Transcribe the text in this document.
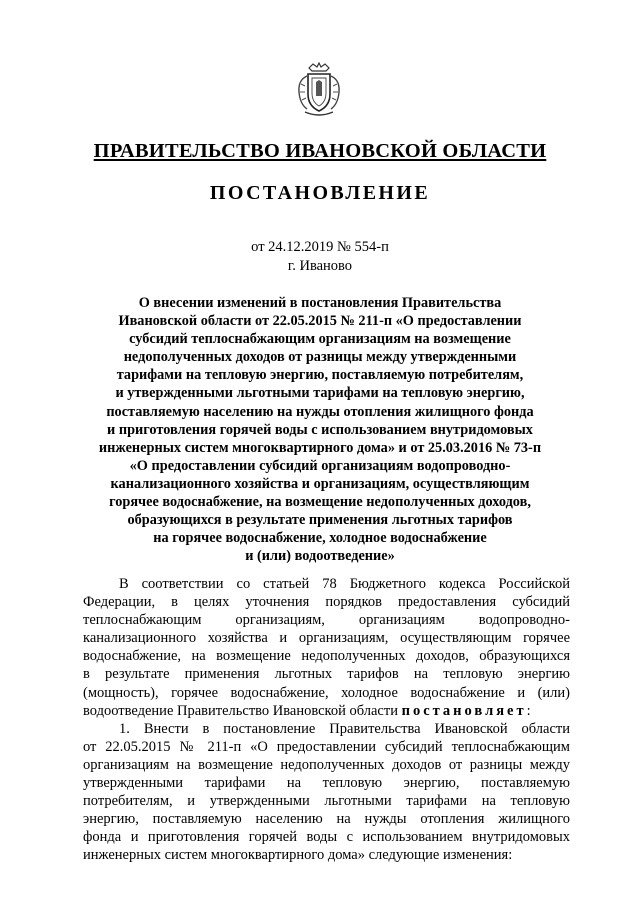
ПРАВИТЕЛЬСТВО ИВАНОВСКОЙ ОБЛАСТИ
ПОСТАНОВЛЕНИЕ
от 24.12.2019 № 554-п
г. Иваново
О внесении изменений в постановления Правительства
Ивановской области от 22.05.2015 № 211-п «О предоставлении
субсидий теплоснабжающим организациям на возмещение
недополученных доходов от разницы между утвержденными
тарифами на тепловую энергию, поставляемую потребителям,
и утвержденными льготными тарифами на тепловую энергию,
поставляемую населению на нужды отопления жилищного фонда
и приготовления горячей воды с использованием внутридомовых
инженерных систем многоквартирного дома» и от 25.03.2016 № 73-п
«О предоставлении субсидий организациям водопроводно-
канализационного хозяйства и организациям, осуществляющим
горячее водоснабжение, на возмещение недополученных доходов,
образующихся в результате применения льготных тарифов
на горячее водоснабжение, холодное водоснабжение
и (или) водоотведение»
В соответствии со статьей 78 Бюджетного кодекса Российской
Федерации, в целях уточнения порядков предоставления субсидий
теплоснабжающим организациям, организациям водопроводно-
канализационного хозяйства и организациям, осуществляющим горячее
водоснабжение, на возмещение недополученных доходов, образующихся
в результате применения льготных тарифов на тепловую энергию
(мощность), горячее водоснабжение, холодное водоснабжение и (или)
водоотведение Правительство Ивановской области постановляет:
1. Внести в постановление Правительства Ивановской области
от 22.05.2015 № 211-п «О предоставлении субсидий теплоснабжающим
организациям на возмещение недополученных доходов от разницы между
утвержденными тарифами на тепловую энергию, поставляемую
потребителям, и утвержденными льготными тарифами на тепловую
энергию, поставляемую населению на нужды отопления жилищного
фонда и приготовления горячей воды с использованием внутридомовых
инженерных систем многоквартирного дома» следующие изменения:
